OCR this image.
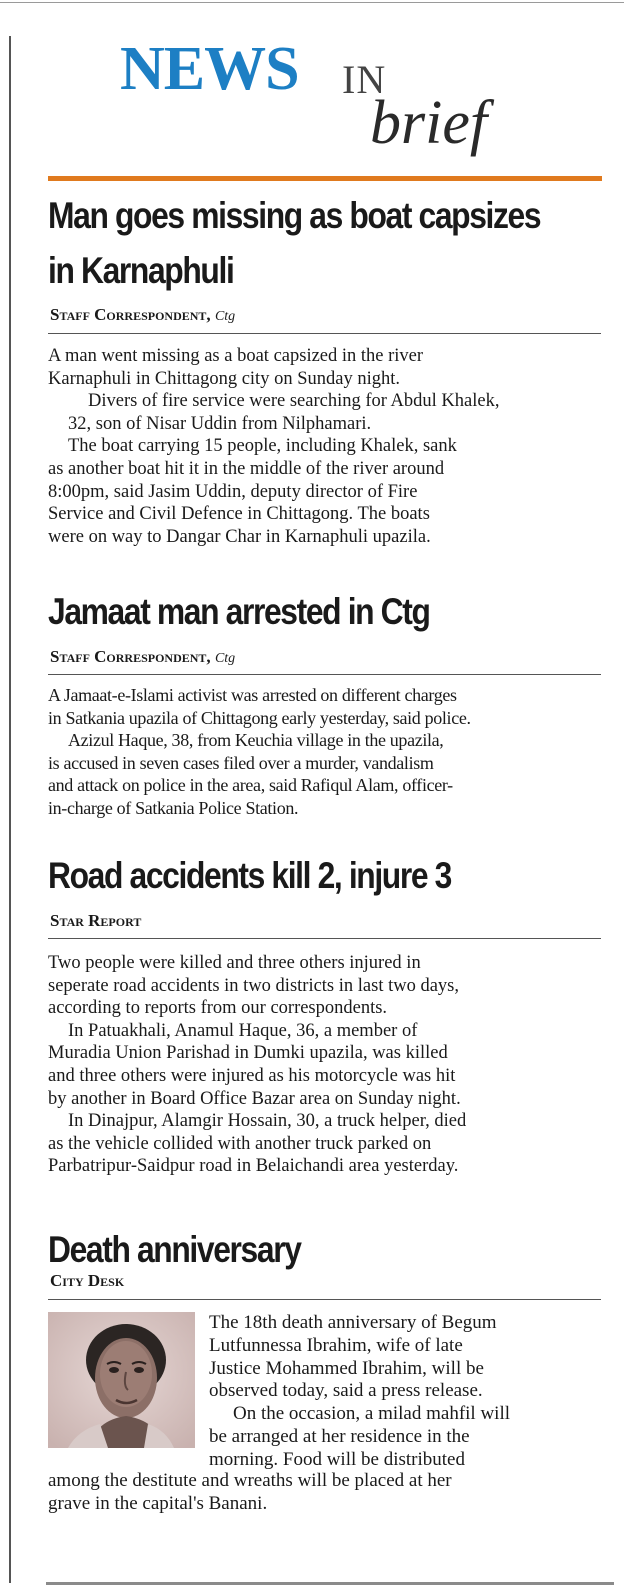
NEWS IN
brief
Man goes missing as boat capsizes
in Karnaphuli
Staff Correspondent, Ctg

A man went missing as a boat capsized in the river
Karnaphuli in Chittagong city on Sunday night.

Divers of fire service were searching for Abdul Khalek,
32, son of Nisar Uddin from Nilphamari.

The boat carrying 15 people, including Khalek, sank
as another boat hit it in the middle of the river around
8:00pm, said Jasim Uddin, deputy director of Fire
Service and Civil Defence in Chittagong. The boats
were on way to Dangar Char in Karnaphuli upazila.

Jamaat man arrested in Ctg
Staff Correspondent, Ctg

A Jamaat-e-Islami activist was arrested on different charges
in Satkania upazila of Chittagong early yesterday, said police.

Azizul Haque, 38, from Keuchia village in the upazila,
is accused in seven cases filed over a murder, vandalism
and attack on police in the area, said Rafiqul Alam, officer-
in-charge of Satkania Police Station.

Road accidents kill 2, injure 3
Star Report

Two people were killed and three others injured in
seperate road accidents in two districts in last two days,
according to reports from our correspondents.

In Patuakhali, Anamul Haque, 36, a member of
Muradia Union Parishad in Dumki upazila, was killed
and three others were injured as his motorcycle was hit
by another in Board Office Bazar area on Sunday night.

In Dinajpur, Alamgir Hossain, 30, a truck helper, died
as the vehicle collided with another truck parked on
Parbatripur-Saidpur road in Belaichandi area yesterday.

Death anniversary
City Desk

The 18th death anniversary of Begum
Lutfunnessa Ibrahim, wife of late
Justice Mohammed Ibrahim, will be
observed today, said a press release.

On the occasion, a milad mahfil will
be arranged at her residence in the
morning. Food will be distributed

among the destitute and wreaths will be placed at her
grave in the capital's Banani.
